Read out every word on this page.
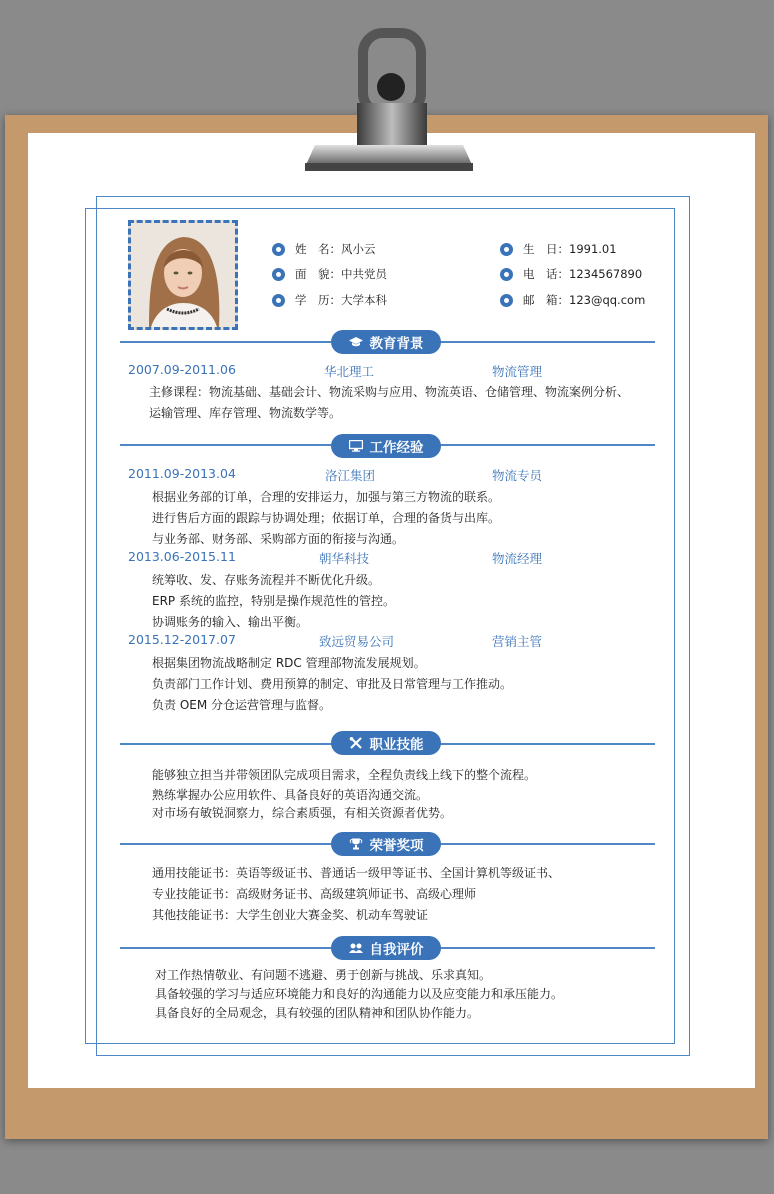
姓　名： 风小云
面　貌： 中共党员
学　历： 大学本科
生　日： 1991.01
电　话： 1234567890
邮　箱： 123@qq.com
教育背景
2007.09-2011.06	华北理工	物流管理
主修课程：物流基础、基础会计、物流采购与应用、物流英语、仓储管理、物流案例分析、
运输管理、库存管理、物流数学等。
工作经验
2011.09-2013.04	洛江集团	物流专员
根据业务部的订单，合理的安排运力，加强与第三方物流的联系。
进行售后方面的跟踪与协调处理；依据订单，合理的备货与出库。
与业务部、财务部、采购部方面的衔接与沟通。
2013.06-2015.11	朝华科技	物流经理
统筹收、发、存账务流程并不断优化升级。
ERP 系统的监控，特别是操作规范性的管控。
协调账务的输入、输出平衡。
2015.12-2017.07	致远贸易公司	营销主管
根据集团物流战略制定 RDC 管理部物流发展规划。
负责部门工作计划、费用预算的制定、审批及日常管理与工作推动。
负责 OEM 分仓运营管理与监督。
职业技能
能够独立担当并带领团队完成项目需求，全程负责线上线下的整个流程。
熟练掌握办公应用软件、具备良好的英语沟通交流。
对市场有敏锐洞察力，综合素质强，有相关资源者优势。
荣誉奖项
通用技能证书：英语等级证书、普通话一级甲等证书、全国计算机等级证书、
专业技能证书：高级财务证书、高级建筑师证书、高级心理师
其他技能证书：大学生创业大赛金奖、机动车驾驶证
自我评价
对工作热情敬业、有问题不逃避、勇于创新与挑战、乐求真知。
具备较强的学习与适应环境能力和良好的沟通能力以及应变能力和承压能力。
具备良好的全局观念，具有较强的团队精神和团队协作能力。
